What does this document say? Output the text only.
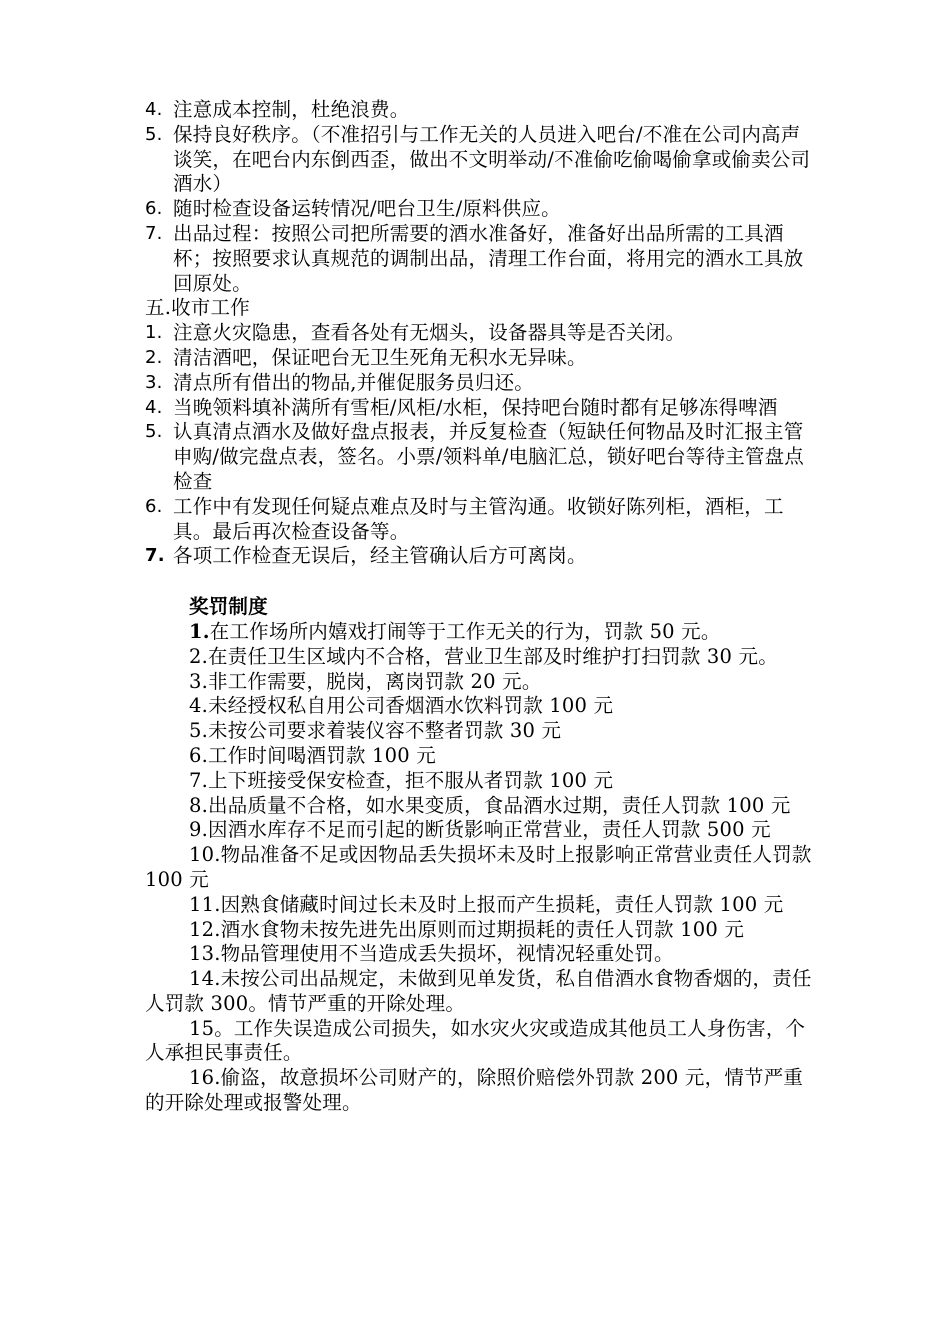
4. 注意成本控制，杜绝浪费。
5. 保持良好秩序。（不准招引与工作无关的人员进入吧台/不准在公司内高声谈笑，在吧台内东倒西歪，做出不文明举动/不准偷吃偷喝偷拿或偷卖公司酒水）
6. 随时检查设备运转情况/吧台卫生/原料供应。
7. 出品过程：按照公司把所需要的酒水准备好，准备好出品所需的工具酒杯；按照要求认真规范的调制出品，清理工作台面，将用完的酒水工具放回原处。

五.收市工作

1. 注意火灾隐患，查看各处有无烟头，设备器具等是否关闭。
2. 清洁酒吧，保证吧台无卫生死角无积水无异味。
3. 清点所有借出的物品,并催促服务员归还。
4. 当晚领料填补满所有雪柜/风柜/水柜，保持吧台随时都有足够冻得啤酒
5. 认真清点酒水及做好盘点报表，并反复检查（短缺任何物品及时汇报主管申购/做完盘点表，签名。小票/领料单/电脑汇总，锁好吧台等待主管盘点检查
6. 工作中有发现任何疑点难点及时与主管沟通。收锁好陈列柜，酒柜，工具。最后再次检查设备等。
7. 各项工作检查无误后，经主管确认后方可离岗。

奖罚制度

1.在工作场所内嬉戏打闹等于工作无关的行为，罚款 50 元。

2.在责任卫生区域内不合格，营业卫生部及时维护打扫罚款 30 元。

3.非工作需要，脱岗，离岗罚款 20 元。

4.未经授权私自用公司香烟酒水饮料罚款 100 元

5.未按公司要求着装仪容不整者罚款 30 元

6.工作时间喝酒罚款 100 元

7.上下班接受保安检查，拒不服从者罚款 100 元

8.出品质量不合格，如水果变质，食品酒水过期，责任人罚款 100 元

9.因酒水库存不足而引起的断货影响正常营业，责任人罚款 500 元

10.物品准备不足或因物品丢失损坏未及时上报影响正常营业责任人罚款 100 元

11.因熟食储藏时间过长未及时上报而产生损耗，责任人罚款 100 元

12.酒水食物未按先进先出原则而过期损耗的责任人罚款 100 元

13.物品管理使用不当造成丢失损坏，视情况轻重处罚。

14.未按公司出品规定，未做到见单发货，私自借酒水食物香烟的，责任人罚款 300。情节严重的开除处理。

15。工作失误造成公司损失，如水灾火灾或造成其他员工人身伤害，个人承担民事责任。

16.偷盗，故意损坏公司财产的，除照价赔偿外罚款 200 元，情节严重的开除处理或报警处理。
